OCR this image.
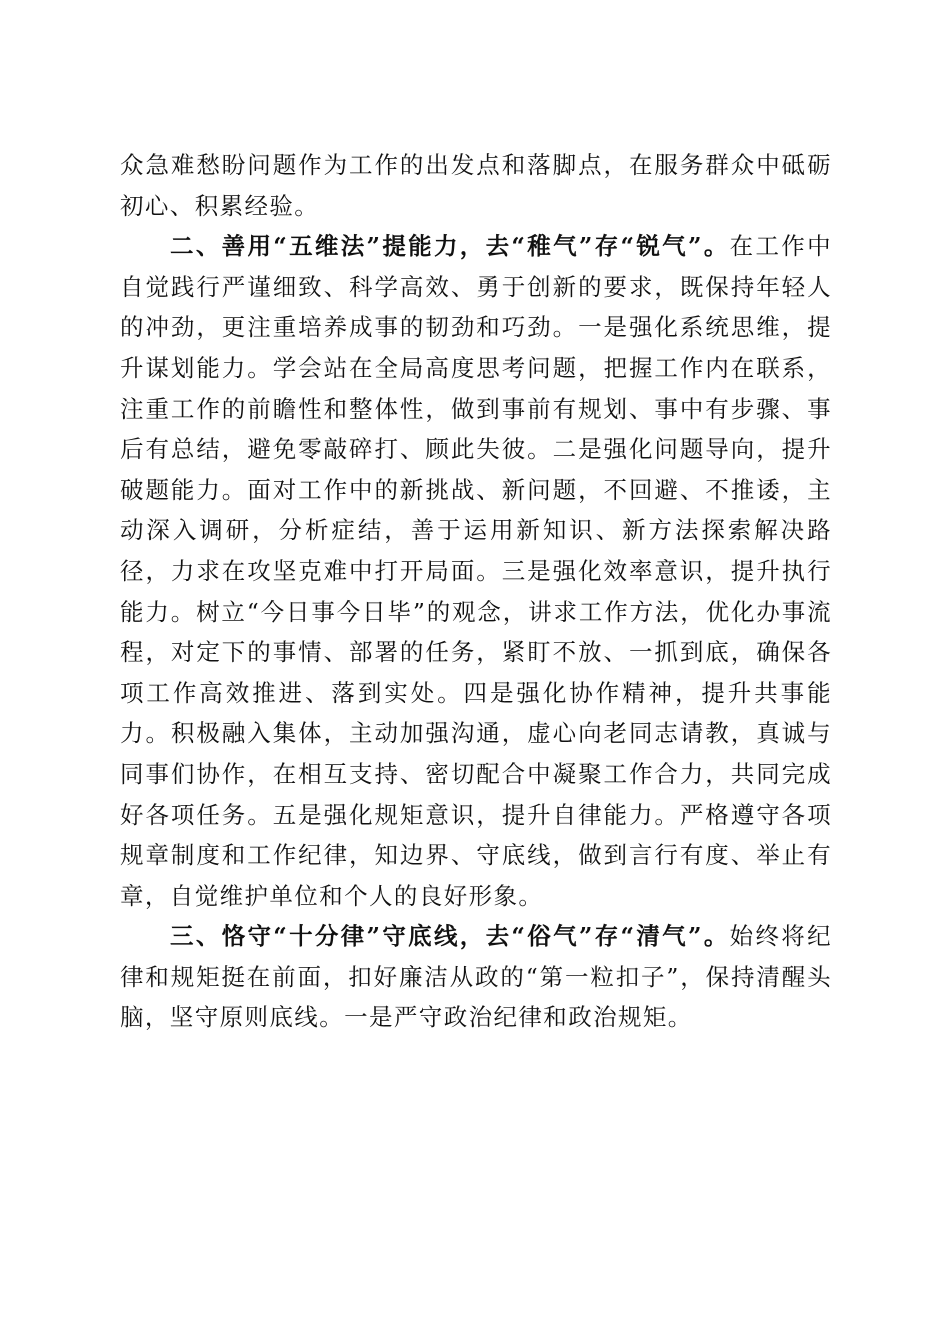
众急难愁盼问题作为工作的出发点和落脚点，在服务群众中砥砺初心、积累经验。

二、善用“五维法”提能力，去“稚气”存“锐气”。在工作中自觉践行严谨细致、科学高效、勇于创新的要求，既保持年轻人的冲劲，更注重培养成事的韧劲和巧劲。一是强化系统思维，提升谋划能力。学会站在全局高度思考问题，把握工作内在联系，注重工作的前瞻性和整体性，做到事前有规划、事中有步骤、事后有总结，避免零敲碎打、顾此失彼。二是强化问题导向，提升破题能力。面对工作中的新挑战、新问题，不回避、不推诿，主动深入调研，分析症结，善于运用新知识、新方法探索解决路径，力求在攻坚克难中打开局面。三是强化效率意识，提升执行能力。树立“今日事今日毕”的观念，讲求工作方法，优化办事流程，对定下的事情、部署的任务，紧盯不放、一抓到底，确保各项工作高效推进、落到实处。四是强化协作精神，提升共事能力。积极融入集体，主动加强沟通，虚心向老同志请教，真诚与同事们协作，在相互支持、密切配合中凝聚工作合力，共同完成好各项任务。五是强化规矩意识，提升自律能力。严格遵守各项规章制度和工作纪律，知边界、守底线，做到言行有度、举止有章，自觉维护单位和个人的良好形象。

三、恪守“十分律”守底线，去“俗气”存“清气”。始终将纪律和规矩挺在前面，扣好廉洁从政的“第一粒扣子”，保持清醒头脑，坚守原则底线。一是严守政治纪律和政治规矩。
